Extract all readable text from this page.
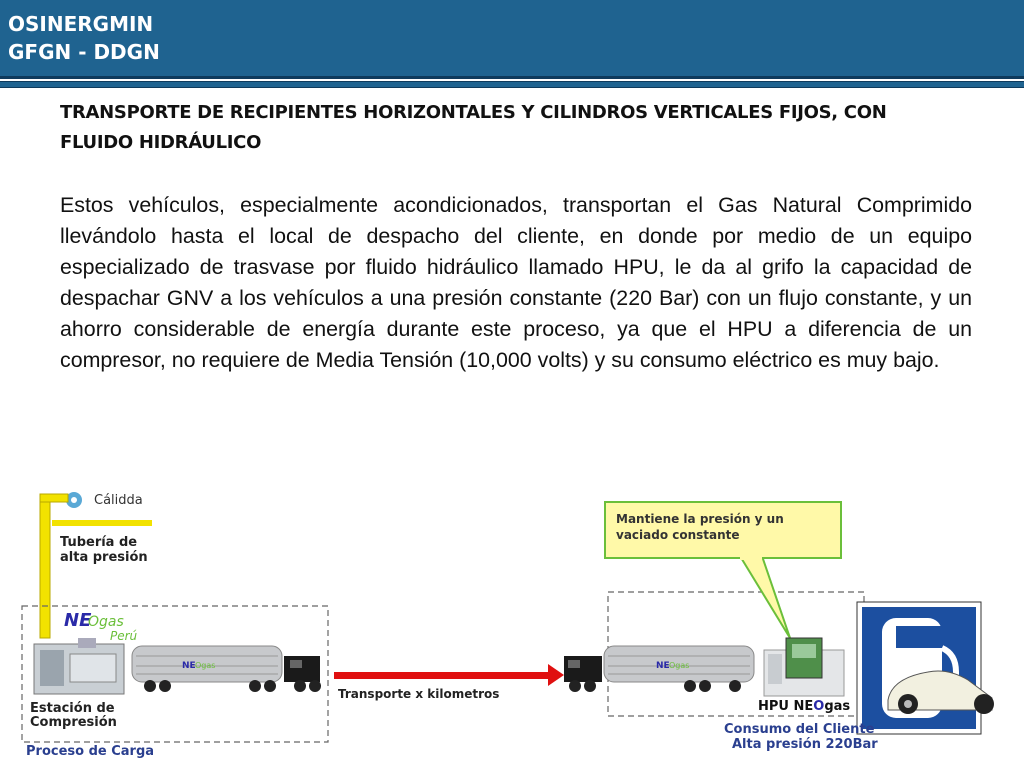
OSINERGMIN
GFGN - DDGN
TRANSPORTE DE RECIPIENTES HORIZONTALES Y CILINDROS VERTICALES FIJOS, CON
FLUIDO HIDRÁULICO
Estos vehículos, especialmente acondicionados, transportan el Gas Natural Comprimido llevándolo hasta el local de despacho del cliente, en donde por medio de un equipo especializado de trasvase por fluido hidráulico llamado HPU, le da al grifo la capacidad de despachar GNV a los vehículos a una presión constante (220 Bar) con un flujo constante, y un ahorro considerable de energía durante este proceso, ya que el HPU a diferencia de un compresor, no requiere de Media Tensión (10,000 volts) y su consumo eléctrico es muy bajo.
Cálidda
Tubería de
alta presión
NE
Ogas
Perú
Estación de
Compresión
Proceso de Carga
NE Ogas
Transporte x kilometros
NE Ogas
Mantiene la presión y un
vaciado constante
HPU NEOgas
Consumo del Cliente
Alta presión 220Bar
